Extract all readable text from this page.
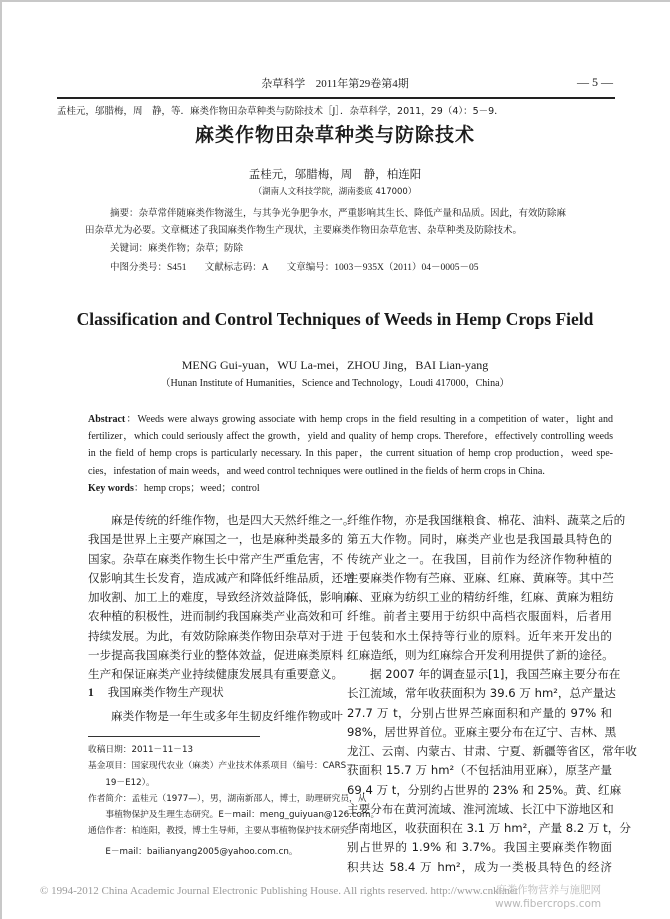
杂草科学 2011年第29卷第4期	— 5 —
孟桂元，邬腊梅，周　静，等．麻类作物田杂草种类与防除技术［J］．杂草科学，2011，29（4）：5－9．
麻类作物田杂草种类与防除技术
孟桂元，邬腊梅，周　静，柏连阳
（湖南人文科技学院，湖南娄底 417000）
摘要：杂草常伴随麻类作物滋生，与其争光争肥争水，严重影响其生长、降低产量和品质。因此，有效防除麻
田杂草尤为必要。文章概述了我国麻类作物生产现状，主要麻类作物田杂草危害、杂草种类及防除技术。
关键词：麻类作物；杂草；防除
中图分类号：S451 文献标志码：A 文章编号：1003－935X（2011）04－0005－05
Classification and Control Techniques of Weeds in Hemp Crops Field
MENG Gui-yuan，WU La-mei，ZHOU Jing，BAI Lian-yang
（Hunan Institute of Humanities，Science and Technology，Loudi 417000，China）
Abstract：Weeds were always growing associate with hemp crops in the field resulting in a competition of water，light and
fertilizer，which could seriously affect the growth，yield and quality of hemp crops. Therefore，effectively controlling weeds
in the field of hemp crops is particularly necessary. In this paper，the current situation of hemp crop production，weed spe-
cies，infestation of main weeds，and weed control techniques were outlined in the fields of herm crops in China.
Key words：hemp crops；weed；control
麻是传统的纤维作物，也是四大天然纤维之一。
我国是世界上主要产麻国之一，也是麻种类最多的
国家。杂草在麻类作物生长中常产生严重危害，不
仅影响其生长发育，造成减产和降低纤维品质，还增
加收割、加工上的难度，导致经济效益降低，影响麻
农种植的积极性，进而制约我国麻类产业高效和可
持续发展。为此，有效防除麻类作物田杂草对于进
一步提高我国麻类行业的整体效益，促进麻类原料
生产和保证麻类产业持续健康发展具有重要意义。
1 我国麻类作物生产现状
麻类作物是一年生或多年生韧皮纤维作物或叶
收稿日期：2011－11－13
基金项目：国家现代农业（麻类）产业技术体系项目（编号：CARS－
　　19－E12）。
作者简介：孟桂元（1977—），男，湖南新邵人，博士，助理研究员，从
　　事植物保护及生理生态研究。E－mail：meng_guiyuan@126.com。
通信作者：柏连阳，教授，博士生导师，主要从事植物保护技术研究。
　　E－mail：bailianyang2005@yahoo.com.cn。
纤维作物，亦是我国继粮食、棉花、油料、蔬菜之后的
第五大作物。同时，麻类产业也是我国最具特色的
传统产业之一。在我国，目前作为经济作物种植的
主要麻类作物有苎麻、亚麻、红麻、黄麻等。其中苎
麻、亚麻为纺织工业的精纺纤维，红麻、黄麻为粗纺
纤维。前者主要用于纺织中高档衣服面料，后者用
于包装和水土保持等行业的原料。近年来开发出的
红麻造纸，则为红麻综合开发利用提供了新的途径。
据 2007 年的调查显示[1]，我国苎麻主要分布在
长江流域，常年收获面积为 39.6 万 hm²，总产量达
27.7 万 t，分别占世界苎麻面积和产量的 97% 和
98%，居世界首位。亚麻主要分布在辽宁、吉林、黑
龙江、云南、内蒙古、甘肃、宁夏、新疆等省区，常年收
获面积 15.7 万 hm²（不包括油用亚麻），原茎产量
69.4 万 t，分别约占世界的 23% 和 25%。黄、红麻
主要分布在黄河流域、淮河流域、长江中下游地区和
华南地区，收获面积在 3.1 万 hm²，产量 8.2 万 t，分
别占世界的 1.9% 和 3.7%。我国主要麻类作物面
积共达 58.4 万 hm²，成为一类极具特色的经济
© 1994-2012 China Academic Journal Electronic Publishing House. All rights reserved. http://www.cnki.net
麻类作物营养与施肥网
www.fibercrops.com
